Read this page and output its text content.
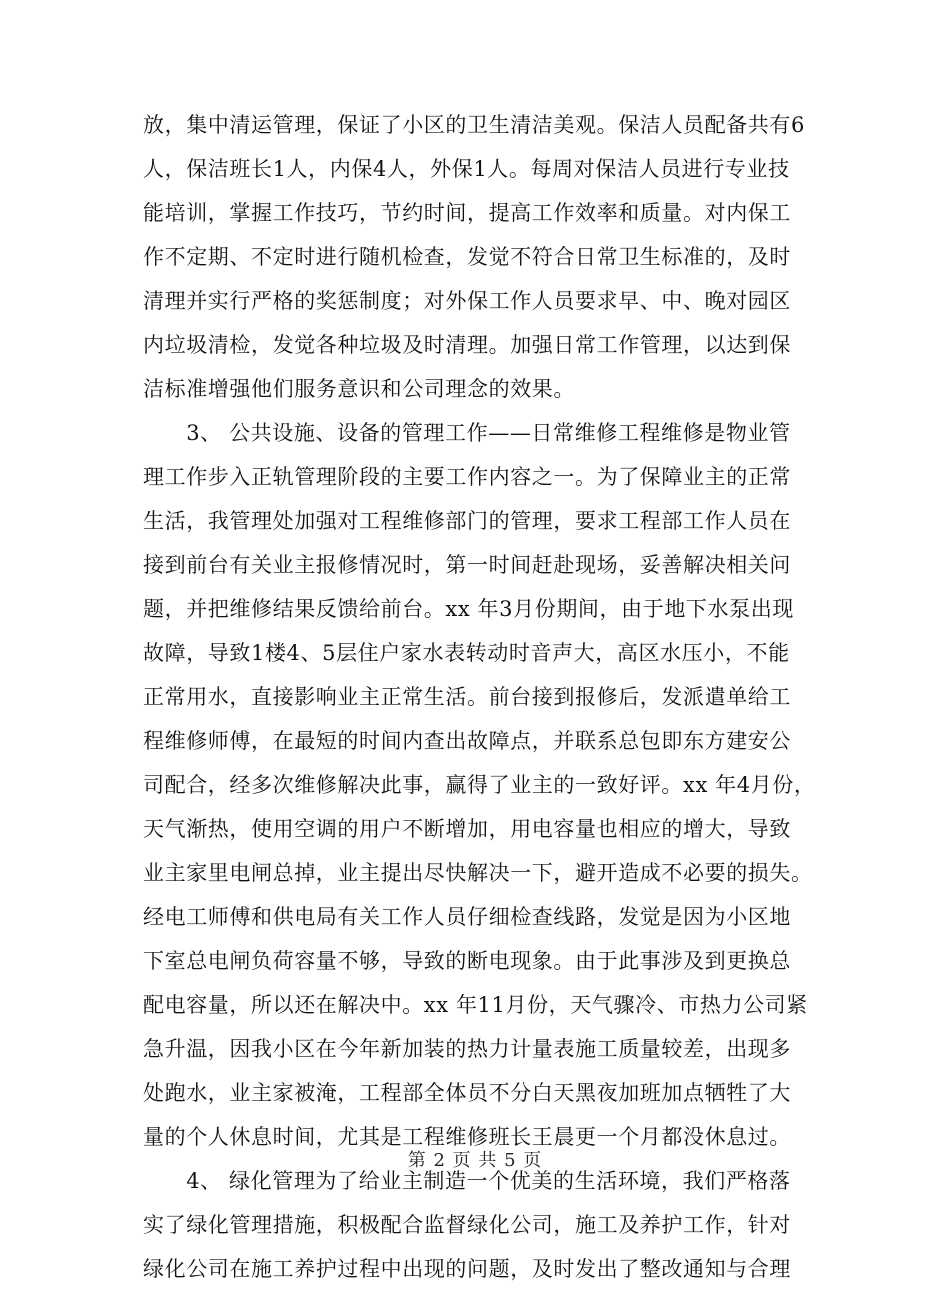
放，集中清运管理，保证了小区的卫生清洁美观。保洁人员配备共有6
人，保洁班长1人，内保4人，外保1人。每周对保洁人员进行专业技
能培训，掌握工作技巧，节约时间，提高工作效率和质量。对内保工
作不定期、不定时进行随机检查，发觉不符合日常卫生标准的，及时
清理并实行严格的奖惩制度；对外保工作人员要求早、中、晚对园区
内垃圾清检，发觉各种垃圾及时清理。加强日常工作管理，以达到保
洁标准增强他们服务意识和公司理念的效果。
　　3、 公共设施、设备的管理工作——日常维修工程维修是物业管
理工作步入正轨管理阶段的主要工作内容之一。为了保障业主的正常
生活，我管理处加强对工程维修部门的管理，要求工程部工作人员在
接到前台有关业主报修情况时，第一时间赶赴现场，妥善解决相关问
题，并把维修结果反馈给前台。xx 年3月份期间，由于地下水泵出现
故障，导致1楼4、5层住户家水表转动时音声大，高区水压小，不能
正常用水，直接影响业主正常生活。前台接到报修后，发派遣单给工
程维修师傅，在最短的时间内查出故障点，并联系总包即东方建安公
司配合，经多次维修解决此事，赢得了业主的一致好评。xx 年4月份，
天气渐热，使用空调的用户不断增加，用电容量也相应的增大，导致
业主家里电闸总掉，业主提出尽快解决一下，避开造成不必要的损失。
经电工师傅和供电局有关工作人员仔细检查线路，发觉是因为小区地
下室总电闸负荷容量不够，导致的断电现象。由于此事涉及到更换总
配电容量，所以还在解决中。xx 年11月份，天气骤冷、市热力公司紧
急升温，因我小区在今年新加装的热力计量表施工质量较差，出现多
处跑水，业主家被淹，工程部全体员不分白天黑夜加班加点牺牲了大
量的个人休息时间，尤其是工程维修班长王晨更一个月都没休息过。
　　4、 绿化管理为了给业主制造一个优美的生活环境，我们严格落
实了绿化管理措施，积极配合监督绿化公司，施工及养护工作，针对
绿化公司在施工养护过程中出现的问题，及时发出了整改通知与合理
第 2 页 共 5 页
